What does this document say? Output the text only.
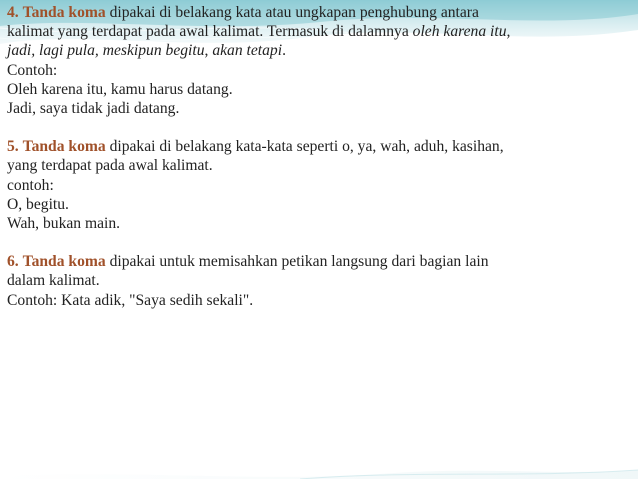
4. Tanda koma dipakai di belakang kata atau ungkapan penghubung antara
kalimat yang terdapat pada awal kalimat. Termasuk di dalamnya oleh karena itu,
jadi, lagi pula, meskipun begitu, akan tetapi.
Contoh:
Oleh karena itu, kamu harus datang.
Jadi, saya tidak jadi datang.
5. Tanda koma dipakai di belakang kata-kata seperti o, ya, wah, aduh, kasihan,
yang terdapat pada awal kalimat.
contoh:
O, begitu.
Wah, bukan main.
6. Tanda koma dipakai untuk memisahkan petikan langsung dari bagian lain
dalam kalimat.
Contoh: Kata adik, "Saya sedih sekali".
